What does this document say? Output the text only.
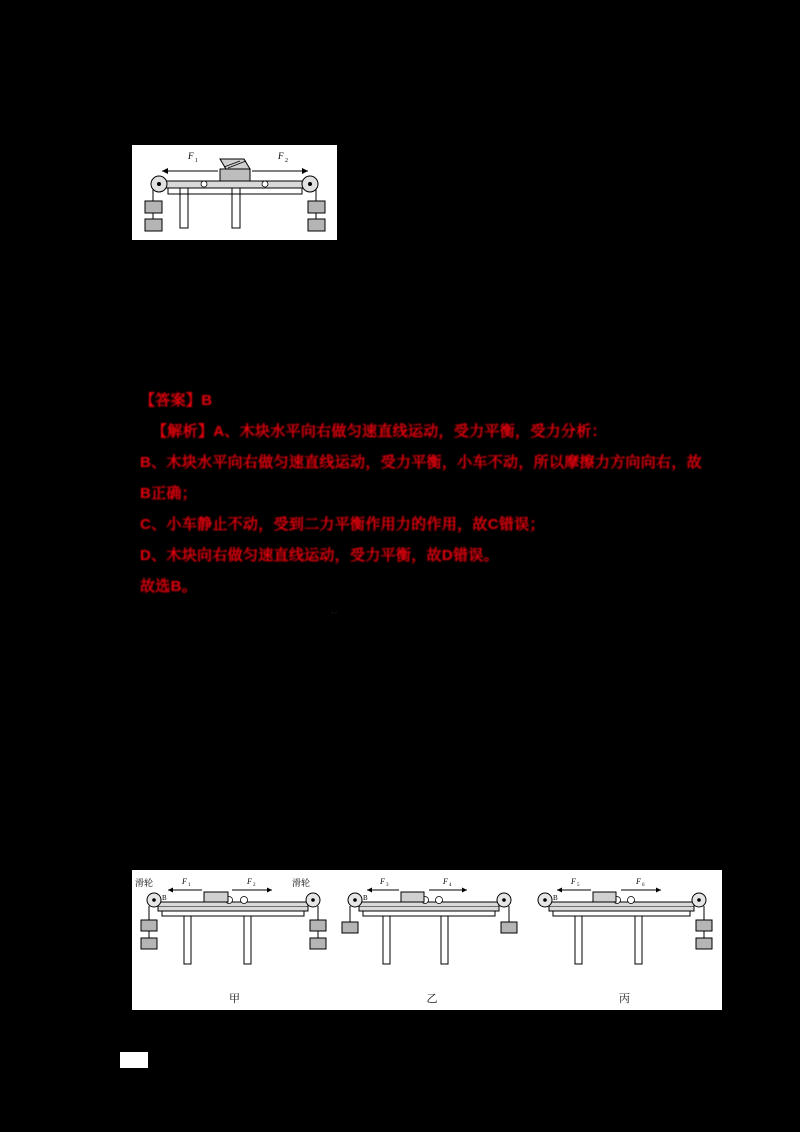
F 1	F 2
【答案】B
【解析】A、木块水平向右做匀速直线运动，受力平衡，受力分析：
B、木块水平向右做匀速直线运动，受力平衡，小车不动，所以摩擦力方向向右，故
B正确；
C、小车静止不动，受到二力平衡作用力的作用，故C错误；
D、木块向右做匀速直线运动，受力平衡，故D错误。
故选B。
··
滑轮	滑轮
F 1	F 2
B
甲
F 3	F 4
B
乙
F 5	F 6
B
丙
